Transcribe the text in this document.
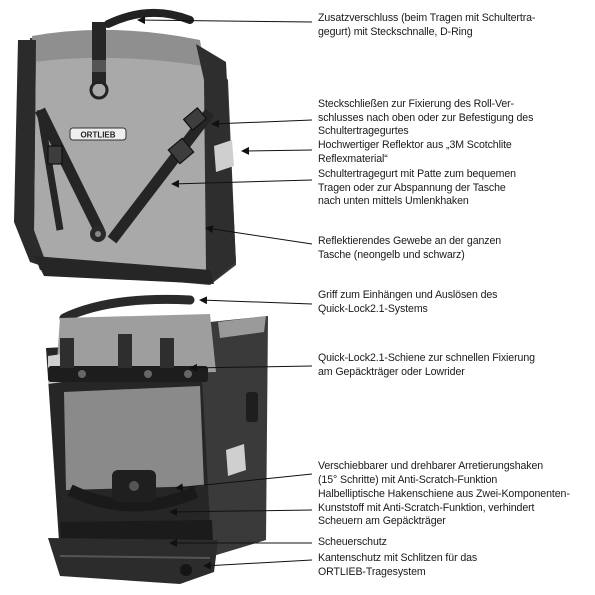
ORTLIEB
Zusatzverschluss (beim Tragen mit Schultertra-
gegurt) mit Steckschnalle, D-Ring
Steckschließen zur Fixierung des Roll-Ver-
schlusses nach oben oder zur Befestigung des
Schultertragegurtes
Hochwertiger Reflektor aus „3M Scotchlite
Reflexmaterial“
Schultertragegurt mit Patte zum bequemen
Tragen oder zur Abspannung der Tasche
nach unten mittels Umlenkhaken
Reflektierendes Gewebe an der ganzen
Tasche (neongelb und schwarz)
Griff zum Einhängen und Auslösen des
Quick-Lock2.1-Systems
Quick-Lock2.1-Schiene zur schnellen Fixierung
am Gepäckträger oder Lowrider
Verschiebbarer und drehbarer Arretierungshaken
(15° Schritte) mit Anti-Scratch-Funktion
Halbelliptische Hakenschiene aus Zwei-Komponenten-
Kunststoff mit Anti-Scratch-Funktion, verhindert
Scheuern am Gepäckträger
Scheuerschutz
Kantenschutz mit Schlitzen für das
ORTLIEB-Tragesystem
